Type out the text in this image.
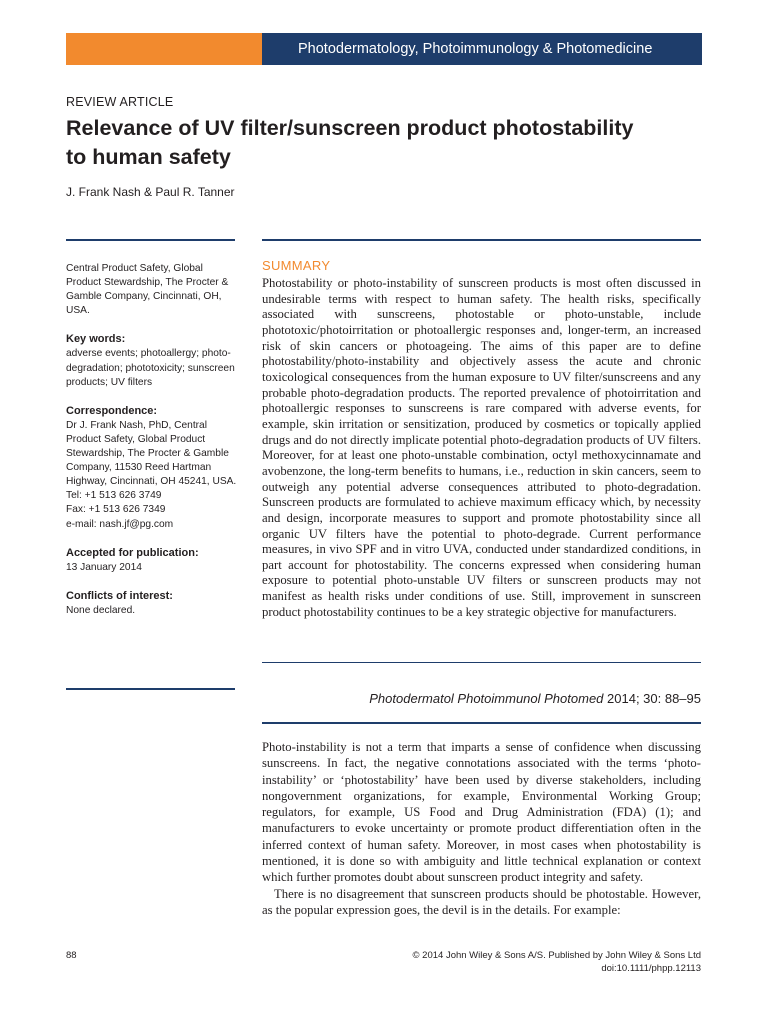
Photodermatology, Photoimmunology & Photomedicine
REVIEW ARTICLE
Relevance of UV filter/sunscreen product photostability
to human safety
J. Frank Nash & Paul R. Tanner

Central Product Safety, Global Product Stewardship, The Procter & Gamble Company, Cincinnati, OH, USA.

Key words:

adverse events; photoallergy; photo-degradation; phototoxicity; sunscreen products; UV filters

Correspondence:

Dr J. Frank Nash, PhD, Central Product Safety, Global Product Stewardship, The Procter & Gamble Company, 11530 Reed Hartman Highway, Cincinnati, OH 45241, USA.

Tel: +1 513 626 3749

Fax: +1 513 626 7349

e-mail: nash.jf@pg.com

Accepted for publication:

13 January 2014

Conflicts of interest:

None declared.

SUMMARY

Photostability or photo-instability of sunscreen products is most often discussed in undesirable terms with respect to human safety. The health risks, specifically associated with sunscreens, photostable or photo-unstable, include phototoxic/photoirritation or photoallergic responses and, longer-term, an increased risk of skin cancers or photoageing. The aims of this paper are to define photostability/photo-instability and objectively assess the acute and chronic toxicological consequences from the human exposure to UV filter/sunscreens and any probable photo-degradation products. The reported prevalence of photoirritation and photoallergic responses to sunscreens is rare compared with adverse events, for example, skin irritation or sensitization, produced by cosmetics or topically applied drugs and do not directly implicate potential photo-degradation products of UV filters. Moreover, for at least one photo-unstable combination, octyl methoxycinnamate and avobenzone, the long-term benefits to humans, i.e., reduction in skin cancers, seem to outweigh any potential adverse consequences attributed to photo-degradation. Sunscreen products are formulated to achieve maximum efficacy which, by necessity and design, incorporate measures to support and promote photostability since all organic UV filters have the potential to photo-degrade. Current performance measures, in vivo SPF and in vitro UVA, conducted under standardized conditions, in part account for photostability. The concerns expressed when considering human exposure to potential photo-unstable UV filters or sunscreen products may not manifest as health risks under conditions of use. Still, improvement in sunscreen product photostability continues to be a key strategic objective for manufacturers.

Photodermatol Photoimmunol Photomed 2014; 30: 88–95

Photo-instability is not a term that imparts a sense of confidence when discussing sunscreens. In fact, the negative connotations associated with the terms ‘photo-instability’ or ‘photostability’ have been used by diverse stakeholders, including nongovernment organizations, for example, Environmental Working Group; regulators, for example, US Food and Drug Administration (FDA) (1); and manufacturers to evoke uncertainty or promote product differentiation often in the inferred context of human safety. Moreover, in most cases when photostability is mentioned, it is done so with ambiguity and little technical explanation or context which further promotes doubt about sunscreen product integrity and safety.

There is no disagreement that sunscreen products should be photostable. However, as the popular expression goes, the devil is in the details. For example:

88	© 2014 John Wiley & Sons A/S. Published by John Wiley & Sons Ltd
doi:10.1111/phpp.12113
